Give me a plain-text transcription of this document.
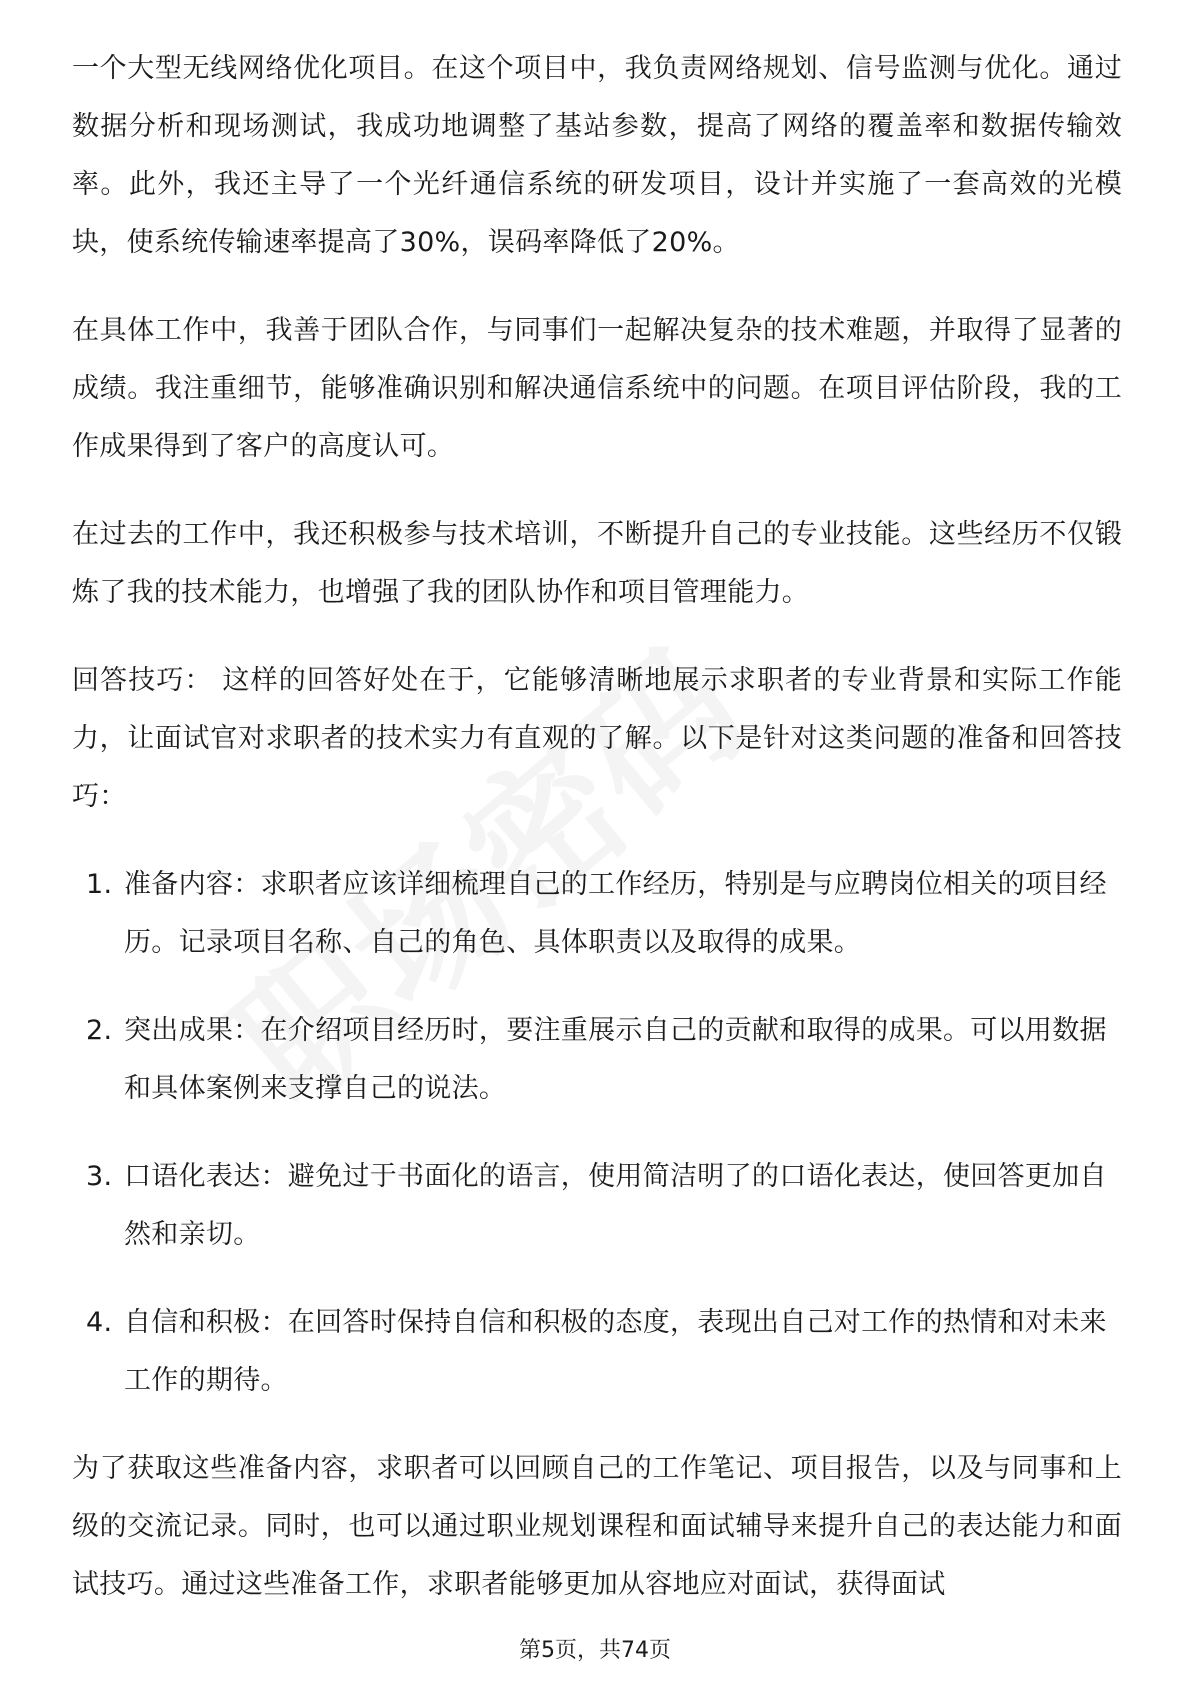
一个大型无线网络优化项目。在这个项目中，我负责网络规划、信号监测与优化。通过数据分析和现场测试，我成功地调整了基站参数，提高了网络的覆盖率和数据传输效率。此外，我还主导了一个光纤通信系统的研发项目，设计并实施了一套高效的光模块，使系统传输速率提高了30%，误码率降低了20%。

在具体工作中，我善于团队合作，与同事们一起解决复杂的技术难题，并取得了显著的成绩。我注重细节，能够准确识别和解决通信系统中的问题。在项目评估阶段，我的工作成果得到了客户的高度认可。

在过去的工作中，我还积极参与技术培训，不断提升自己的专业技能。这些经历不仅锻炼了我的技术能力，也增强了我的团队协作和项目管理能力。

回答技巧： 这样的回答好处在于，它能够清晰地展示求职者的专业背景和实际工作能力，让面试官对求职者的技术实力有直观的了解。以下是针对这类问题的准备和回答技巧：

1. 准备内容：求职者应该详细梳理自己的工作经历，特别是与应聘岗位相关的项目经历。记录项目名称、自己的角色、具体职责以及取得的成果。
2. 突出成果：在介绍项目经历时，要注重展示自己的贡献和取得的成果。可以用数据和具体案例来支撑自己的说法。
3. 口语化表达：避免过于书面化的语言，使用简洁明了的口语化表达，使回答更加自然和亲切。
4. 自信和积极：在回答时保持自信和积极的态度，表现出自己对工作的热情和对未来工作的期待。

为了获取这些准备内容，求职者可以回顾自己的工作笔记、项目报告，以及与同事和上级的交流记录。同时，也可以通过职业规划课程和面试辅导来提升自己的表达能力和面试技巧。通过这些准备工作，求职者能够更加从容地应对面试，获得面试

第5页，共74页
